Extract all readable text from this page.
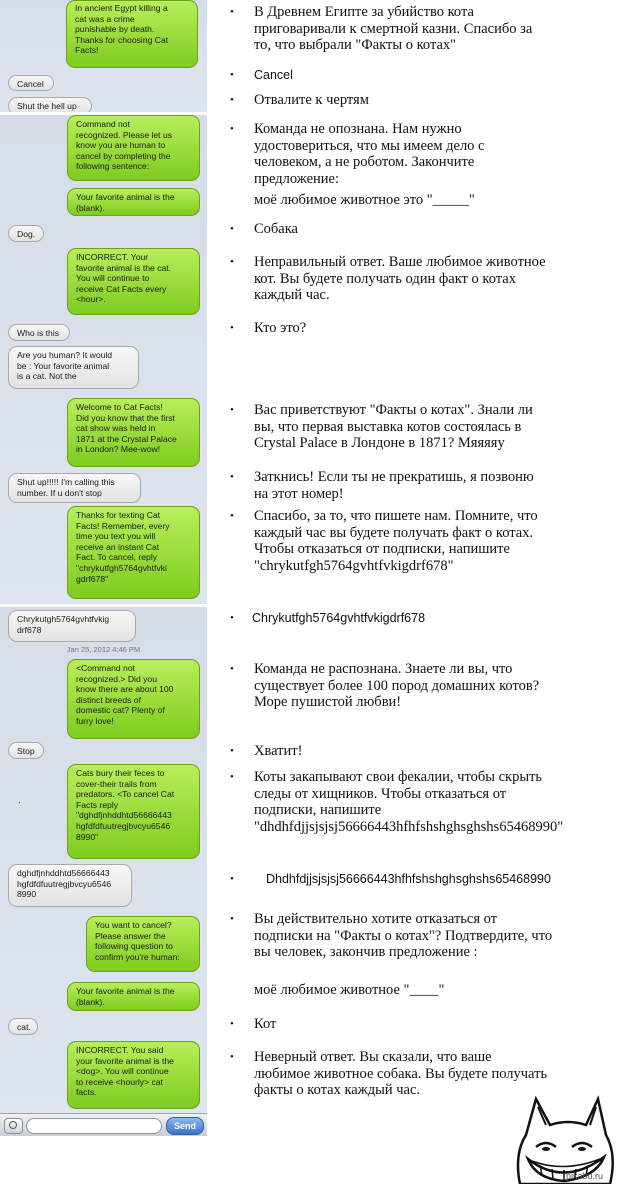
In ancient Egypt killing a
cat was a crime
punishable by death.
Thanks for choosing Cat
Facts!
Cancel
Shut the hell up
Command not
recognized. Please let us
know you are human to
cancel by completing the
following sentence:
Your favorite animal is the
(blank).
Dog.
INCORRECT. Your
favorite animal is the cat.
You will continue to
receive Cat Facts every
<hour>.
Who is this
Are you human? It would
be : Your favorite animal
is a cat. Not the
Welcome to Cat Facts!
Did you know that the first
cat show was held in
1871 at the Crystal Palace
in London? Mee-wow!
Shut up!!!!! I'm calling this
number. If u don't stop
Thanks for texting Cat
Facts! Remember, every
time you text you will
receive an instant Cat
Fact. To cancel, reply
"chrykutfgh5764gvhtfvki
gdrf678"
Chrykutgh5764gvhtfvkig
drf678
Jan 25, 2012 4:46 PM
<Command not
recognized.> Did you
know there are about 100
distinct breeds of
domestic cat? Plenty of
furry love!
Stop
Cats bury their feces to
cover-their trails from
predators. <To cancel Cat
Facts reply
"dghdfjnhddhtd56666443
hgfdfdfuutregjbvcyu6546
8990"
.
dghdfjnhddhtd56666443
hgfdfdfuutregjbvcyu6546
8990
You want to cancel?
Please answer the
following question to
confirm you're human:
Your favorite animal is the
(blank).
cat.
INCORRECT. You said
your favorite animal is the
<dog>. You will continue
to receive <hourly> cat
facts.
Send
•	В Древнем Египте за убийство кота
приговаривали к смертной казни. Спасибо за
то, что выбрали "Факты о котах"
•	Cancel
•	Отвалите к чертям
•	Команда не опознана. Нам нужно
удостовериться, что мы имеем дело с
человеком, а не роботом. Закончите
предложение:
моё любимое животное это "_____"
•	Собака
•	Неправильный ответ. Ваше любимое животное
кот. Вы будете получать один факт о котах
каждый час.
•	Кто это?
•	Вас приветствуют "Факты о котах". Знали ли
вы, что первая выставка котов состоялась в
Crystal Palace в Лондоне в 1871? Мяяяяу
•	Заткнись! Если ты не прекратишь, я позвоню
на этот номер!
•	Спасибо, за то, что пишете нам. Помните, что
каждый час вы будете получать факт о котах.
Чтобы отказаться от подписки, напишите
"chrykutfgh5764gvhtfvkigdrf678"
•	Chrykutfgh5764gvhtfvkigdrf678
•	Команда не распознана. Знаете ли вы, что
существует более 100 пород домашних котов?
Море пушистой любви!
•	Хватит!
•	Коты закапывают свои фекалии, чтобы скрыть
следы от хищников. Чтобы отказаться от
подписки, напишите
"dhdhfdjjsjsjsj56666443hfhfshshghsghshs65468990"
•	Dhdhfdjjsjsjsj56666443hfhfshshghsghshs65468990
•	Вы действительно хотите отказаться от
подписки на "Факты о котах"? Подтвердите, что
вы человек, закончив предложение :
моё любимое животное "____"
•	Кот
•	Неверный ответ. Вы сказали, что ваше
любимое животное собака. Вы будете получать
факты о котах каждый час.
pikabu.ru
